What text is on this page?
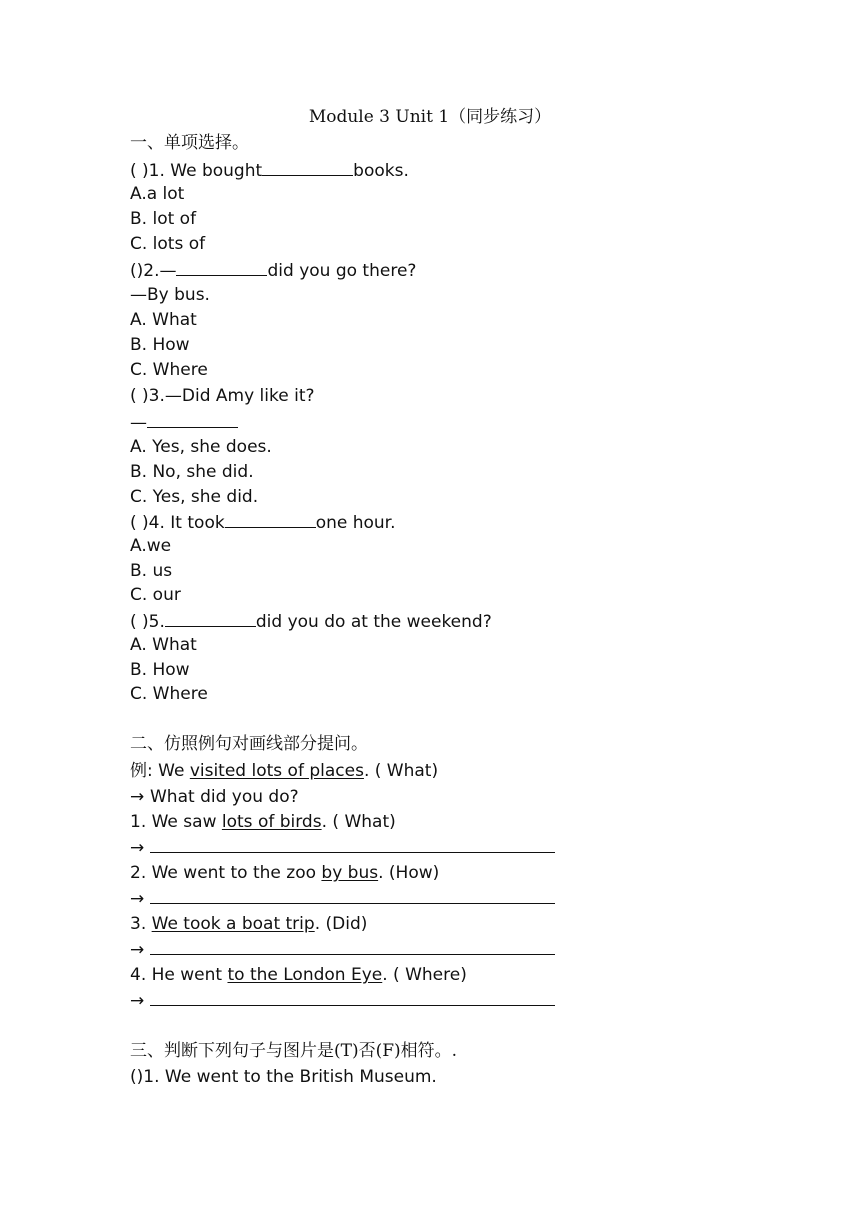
Module 3 Unit 1（同步练习）
一、单项选择。
( )1. We bought	books.
A.a lot
B. lot of
C. lots of
()2.—	did you go there?
—By bus.
A. What
B. How
C. Where
( )3.—Did Amy like it?
—
A. Yes, she does.
B. No, she did.
C. Yes, she did.
( )4. It took	one hour.
A.we
B. us
C. our
( )5.	did you do at the weekend?
A. What
B. How
C. Where
二、仿照例句对画线部分提问。
例: We visited lots of places. ( What)
→ What did you do?
1. We saw lots of birds. ( What)
→
2. We went to the zoo by bus. (How)
→
3. We took a boat trip. (Did)
→
4. He went to the London Eye. ( Where)
→
三、判断下列句子与图片是(T)否(F)相符。.
()1. We went to the British Museum.
